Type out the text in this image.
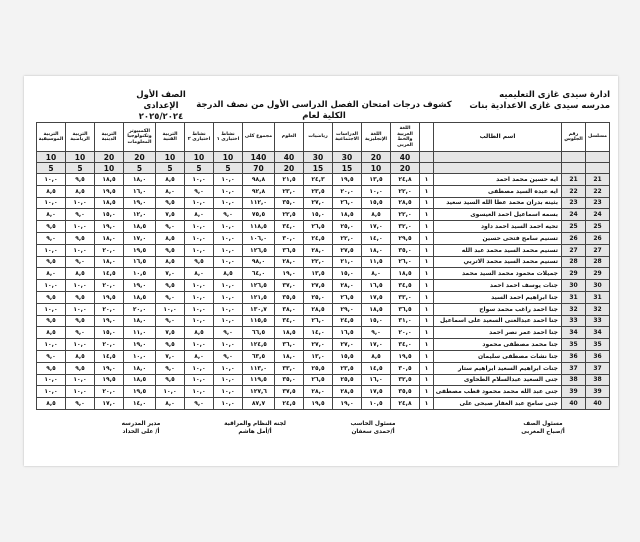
ادارة سيدى غازى التعليميه
مدرسه سيدى غازى الاعدادية بنات
كشوف درجات امتحان الفصل الدراسى الأول من نصف الدرجة الكلية لعام
الصف الأول الإعدادى
٢٠٢٥/٢٠٢٤
مسلسل	رقم الجلوس	اسم الطالب		اللغة العربية والخط العربى	اللغة الإنجليزية	الدراسات الاجتماعية	رياضيات	العلوم	مجموع كلى	نشاط اختيارى ١	نشاط اختيارى ٢	التربية الفنية	الكمبيوتر وتكنولوجيا المعلومات	التربية الدينية	التربية الرياضية	التربية الموسيقية
				40	20	30	30	40	140	10	10	10	20	20	10	10
				20	10	15	15	20	70	5	5	5	5	10	5	5
21	21	ايه حسين محمد احمد	١	٢٤,٨	١٣,٥	١٩,٥	٢٤,٣	٢١,٥	٩٨,٨	١٠,٠	١٠,٠	٨,٥	١٨,٠	١٨,٥	٩,٥	١٠,٠
22	22	ايه عبده السيد مصطفى	١	٢٢,٠	١٠,٠	٢٠,٠	٢٣,٥	٢٣,٠	٩٢,٨	١٠,٠	٩,٠	٨,٠	١٦,٠	١٩,٥	٨,٥	٨,٥
23	23	بثينه بدران محمد عطا الله السيد سعيد	١	٢٨,٥	١٥,٥	٢٦,٠	٢٧,٠	٣٥,٠	١١٢,٠	١٠,٠	١٠,٠	٩,٥	١٩,٠	١٨,٥	١٠,٠	١٠,٠
24	24	بسمه اسماعيل احمد العيسوى	١	٢٢,٠	٨,٥	١٨,٥	١٥,٠	٢٢,٥	٧٥,٥	٩,٠	٨,٠	٧,٥	١٢,٠	١٥,٠	٩,٠	٨,٠
25	25	تحيه احمد السيد احمد داود	١	٣٢,٠	١٧,٠	٢٥,٠	٢٦,٥	٣٤,٠	١١٨,٥	١٠,٠	١٠,٠	٩,٠	١٨,٥	١٩,٠	١٠,٠	٩,٥
26	26	تسنيم سامح فتحى حسين	١	٢٩,٥	١٤,٠	٢٢,٠	٢٤,٥	٣٠,٠	١٠٦,٠	١٠,٠	١٠,٠	٨,٥	١٧,٠	١٨,٠	٩,٥	٩,٠
27	27	تسنيم محمد السيد محمد عبد الله	١	٣٥,٠	١٨,٠	٢٧,٥	٢٨,٠	٣٦,٥	١٢٦,٥	١٠,٠	١٠,٠	٩,٥	١٩,٥	٢٠,٠	١٠,٠	١٠,٠
28	28	تسنيم محمد السيد محمد الاتربي	١	٢٦,٠	١١,٥	٢١,٠	٢٢,٠	٢٨,٠	٩٨,٠	١٠,٠	٩,٥	٨,٥	١٦,٥	١٨,٠	٩,٠	٩,٥
29	29	جميلات محمود محمد السيد محمد	١	١٨,٥	٨,٠	١٥,٠	١٣,٥	١٩,٠	٦٤,٠	٨,٥	٨,٠	٧,٠	١٠,٥	١٤,٥	٨,٥	٨,٠
30	30	جنات يوسف احمد احمد	١	٣٤,٥	١٦,٥	٢٨,٠	٢٧,٥	٣٧,٠	١٢٦,٥	١٠,٠	١٠,٠	٩,٥	١٩,٠	٢٠,٠	١٠,٠	١٠,٠
31	31	جنا ابراهيم احمد السيد	١	٣٣,٠	١٧,٥	٢٦,٥	٢٥,٠	٣٥,٥	١٢١,٥	١٠,٠	١٠,٠	٩,٠	١٨,٥	١٩,٥	٩,٥	٩,٥
32	32	جنا احمد راغب محمد سواح	١	٣٦,٥	١٨,٥	٢٩,٠	٢٨,٥	٣٨,٠	١٣٠,٧	١٠,٠	١٠,٠	١٠,٠	٢٠,٠	٢٠,٠	١٠,٠	١٠,٠
33	33	جنا احمد عبدالغنى السعيد على اسماعيل	١	٣١,٠	١٥,٠	٢٤,٥	٢٦,٠	٣٤,٠	١١٥,٥	١٠,٠	١٠,٠	٩,٠	١٨,٠	١٩,٠	٩,٥	٩,٥
34	34	جنا احمد عمر نصر احمد	١	٢٠,٠	٩,٠	١٦,٥	١٤,٠	١٨,٥	٦٦,٥	٩,٠	٨,٥	٧,٥	١١,٠	١٥,٠	٩,٠	٨,٥
35	35	جنا محمد مصطفى محمود	١	٣٤,٠	١٧,٠	٢٧,٠	٢٧,٠	٣٦,٠	١٢٤,٥	١٠,٠	١٠,٠	٩,٥	١٩,٠	٢٠,٠	١٠,٠	١٠,٠
36	36	جنا نشات مصطفى سليمان	١	١٩,٥	٨,٥	١٥,٥	١٣,٠	١٨,٠	٦٣,٥	٩,٠	٨,٠	٧,٠	١٠,٠	١٤,٥	٨,٥	٩,٠
37	37	جنات ابراهيم السعيد ابراهيم ستار	١	٣٠,٥	١٤,٥	٢٣,٥	٢٥,٥	٣٣,٠	١١٣,٠	١٠,٠	١٠,٠	٩,٠	١٨,٠	١٩,٠	٩,٥	٩,٥
38	38	جنى السعيد عبدالسلام الطحاوى	١	٣٢,٥	١٦,٠	٢٥,٥	٢٦,٥	٣٥,٠	١١٩,٥	١٠,٠	١٠,٠	٩,٥	١٨,٥	١٩,٥	١٠,٠	١٠,٠
39	39	جنى عبد الله محمد محمود قطب مصطفى	١	٣٥,٥	١٧,٥	٢٨,٥	٢٨,٠	٣٧,٥	١٢٧,٦	١٠,٠	١٠,٠	١٠,٠	١٩,٥	٢٠,٠	١٠,٠	١٠,٠
40	40	جنى سامح عبد الغفار صبحى على	١	٢٤,٨	١٠,٥	١٩,٠	١٩,٥	٢٤,٥	٨٧,٧	١٠,٠	٩,٠	٨,٠	١٤,٠	١٧,٠	٩,٠	٨,٥
مسئول الصف
أ/صباح المغربى
مسئول الحاسب
أ/حمدى سعفان
لجنه النظام والمراقبة
أ/أمل هاشم
مدير المدرسه
أ/ على الحداد
